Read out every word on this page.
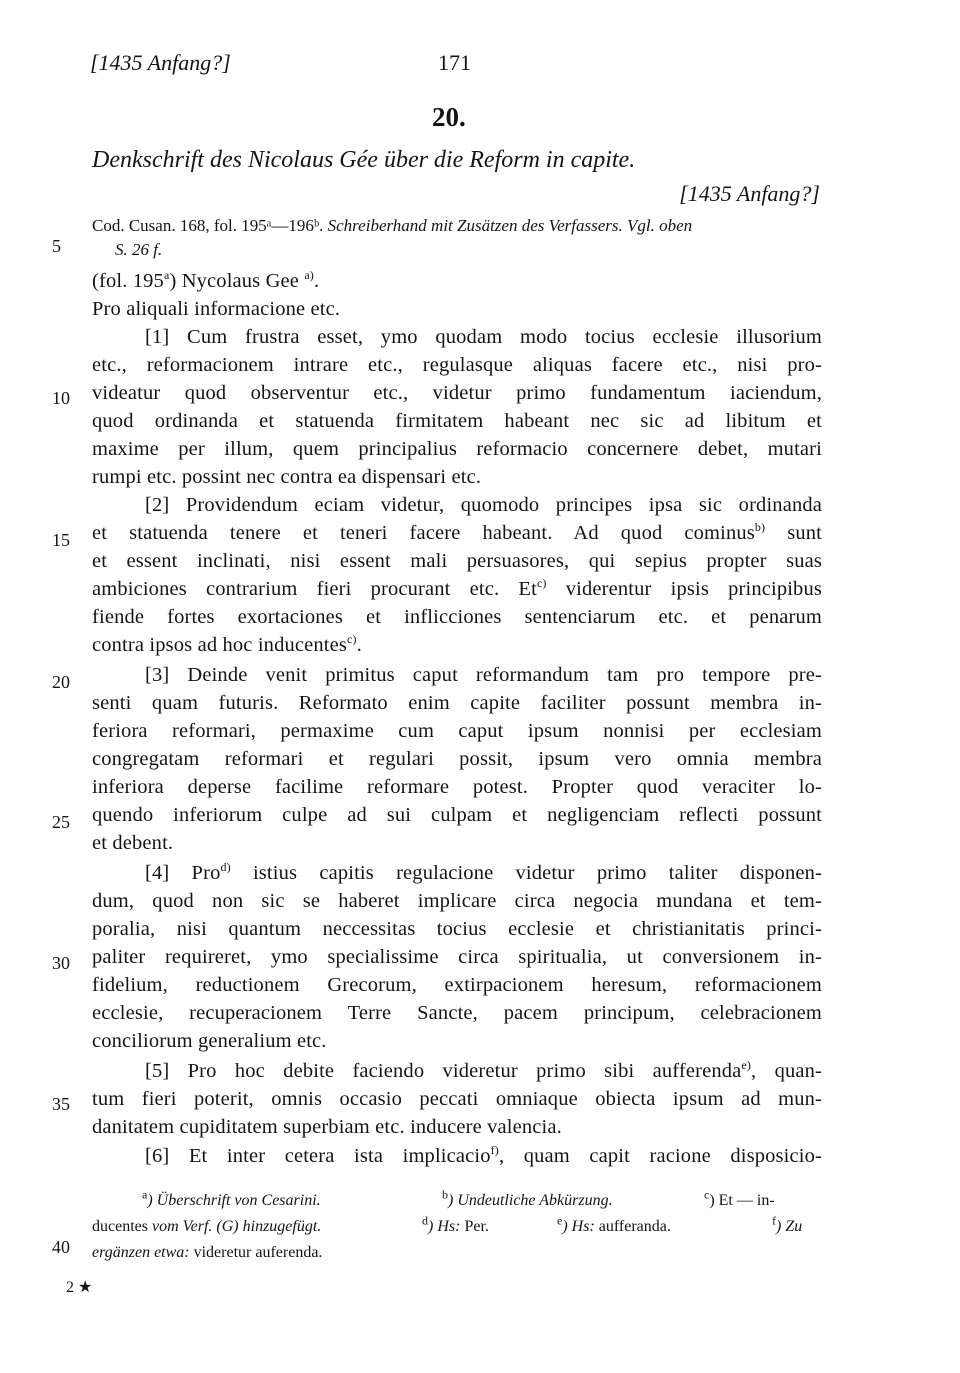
[1435 Anfang?]	171
20.
Denkschrift des Nicolaus Gée über die Reform in capite.
[1435 Anfang?]
Cod. Cusan. 168, fol. 195ᵃ—196ᵇ. Schreiberhand mit Zusätzen des Verfassers. Vgl. oben
S. 26 f.
5
10
15
20
25
30
35
40
(fol. 195$^a$) Nycolaus Gee $^{a)}$.
Pro aliquali informacione etc.
[1] Cum frustra esset, ymo quodam modo tocius ecclesie illusorium
etc., reformacionem intrare etc., regulasque aliquas facere etc., nisi pro-
videatur quod observentur etc., videtur primo fundamentum iaciendum,
quod ordinanda et statuenda firmitatem habeant nec sic ad libitum et
maxime per illum, quem principalius reformacio concernere debet, mutari
rumpi etc. possint nec contra ea dispensari etc.
[2] Providendum eciam videtur, quomodo principes ipsa sic ordinanda
et statuenda tenere et teneri facere habeant. Ad quod cominus$^{b)}$ sunt
et essent inclinati, nisi essent mali persuasores, qui sepius propter suas
ambiciones contrarium fieri procurant etc. Et$^{c)}$ viderentur ipsis principibus
fiende fortes exortaciones et inflicciones sentenciarum etc. et penarum
contra ipsos ad hoc inducentes$^{c)}$.
[3] Deinde venit primitus caput reformandum tam pro tempore pre-
senti quam futuris. Reformato enim capite faciliter possunt membra in-
feriora reformari, permaxime cum caput ipsum nonnisi per ecclesiam
congregatam reformari et regulari possit, ipsum vero omnia membra
inferiora deperse facilime reformare potest. Propter quod veraciter lo-
quendo inferiorum culpe ad sui culpam et negligenciam reflecti possunt
et debent.
[4] Pro$^{d)}$ istius capitis regulacione videtur primo taliter disponen-
dum, quod non sic se haberet implicare circa negocia mundana et tem-
poralia, nisi quantum neccessitas tocius ecclesie et christianitatis princi-
paliter requireret, ymo specialissime circa spiritualia, ut conversionem in-
fidelium, reductionem Grecorum, extirpacionem heresum, reformacionem
ecclesie, recuperacionem Terre Sancte, pacem principum, celebracionem
conciliorum generalium etc.
[5] Pro hoc debite faciendo videretur primo sibi aufferenda$^{e)}$, quan-
tum fieri poterit, omnis occasio peccati omniaque obiecta ipsum ad mun-
danitatem cupiditatem superbiam etc. inducere valencia.
[6] Et inter cetera ista implicacio$^{f)}$, quam capit racione disposicio-
$^a$) Überschrift von Cesarini.	$^b$) Undeutliche Abkürzung.	$^c$) Et — in-
ducentes vom Verf. (G) hinzugefügt.	$^d$) Hs: Per.	$^e$) Hs: aufferanda.	$^f$) Zu
ergänzen etwa: videretur auferenda.
2 ★
